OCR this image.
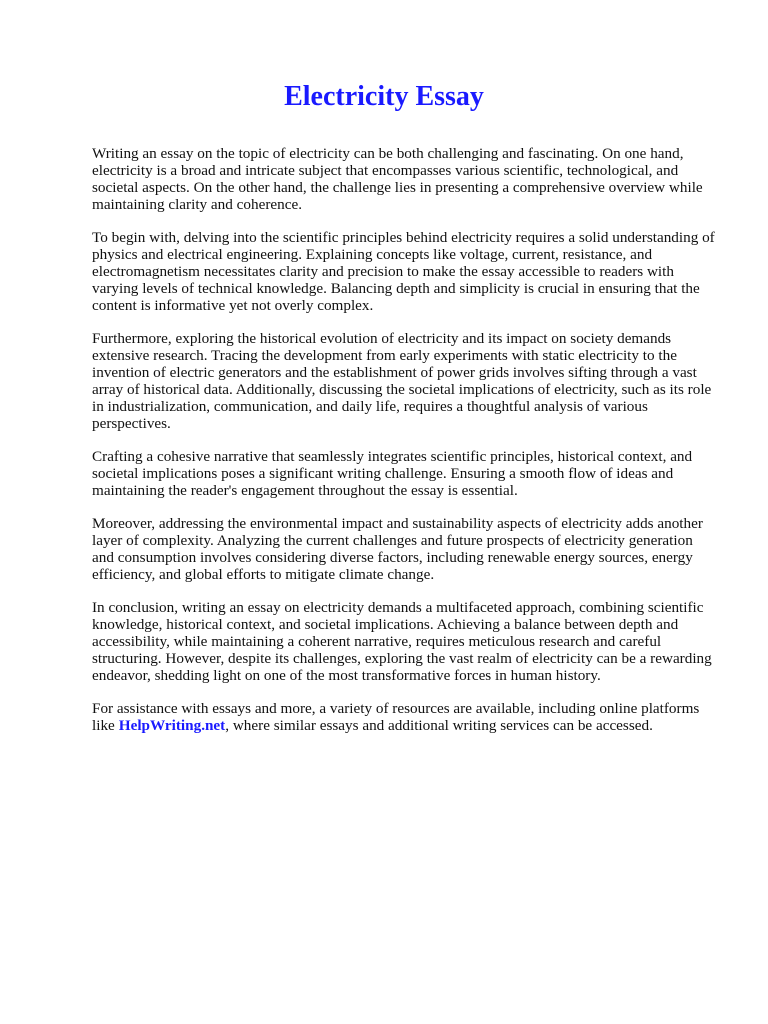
Electricity Essay

Writing an essay on the topic of electricity can be both challenging and fascinating. On one hand, electricity is a broad and intricate subject that encompasses various scientific, technological, and societal aspects. On the other hand, the challenge lies in presenting a comprehensive overview while maintaining clarity and coherence.

To begin with, delving into the scientific principles behind electricity requires a solid understanding of physics and electrical engineering. Explaining concepts like voltage, current, resistance, and electromagnetism necessitates clarity and precision to make the essay accessible to readers with varying levels of technical knowledge. Balancing depth and simplicity is crucial in ensuring that the content is informative yet not overly complex.

Furthermore, exploring the historical evolution of electricity and its impact on society demands extensive research. Tracing the development from early experiments with static electricity to the invention of electric generators and the establishment of power grids involves sifting through a vast array of historical data. Additionally, discussing the societal implications of electricity, such as its role in industrialization, communication, and daily life, requires a thoughtful analysis of various perspectives.

Crafting a cohesive narrative that seamlessly integrates scientific principles, historical context, and societal implications poses a significant writing challenge. Ensuring a smooth flow of ideas and maintaining the reader's engagement throughout the essay is essential.

Moreover, addressing the environmental impact and sustainability aspects of electricity adds another layer of complexity. Analyzing the current challenges and future prospects of electricity generation and consumption involves considering diverse factors, including renewable energy sources, energy efficiency, and global efforts to mitigate climate change.

In conclusion, writing an essay on electricity demands a multifaceted approach, combining scientific knowledge, historical context, and societal implications. Achieving a balance between depth and accessibility, while maintaining a coherent narrative, requires meticulous research and careful structuring. However, despite its challenges, exploring the vast realm of electricity can be a rewarding endeavor, shedding light on one of the most transformative forces in human history.

For assistance with essays and more, a variety of resources are available, including online platforms like HelpWriting.net, where similar essays and additional writing services can be accessed.
